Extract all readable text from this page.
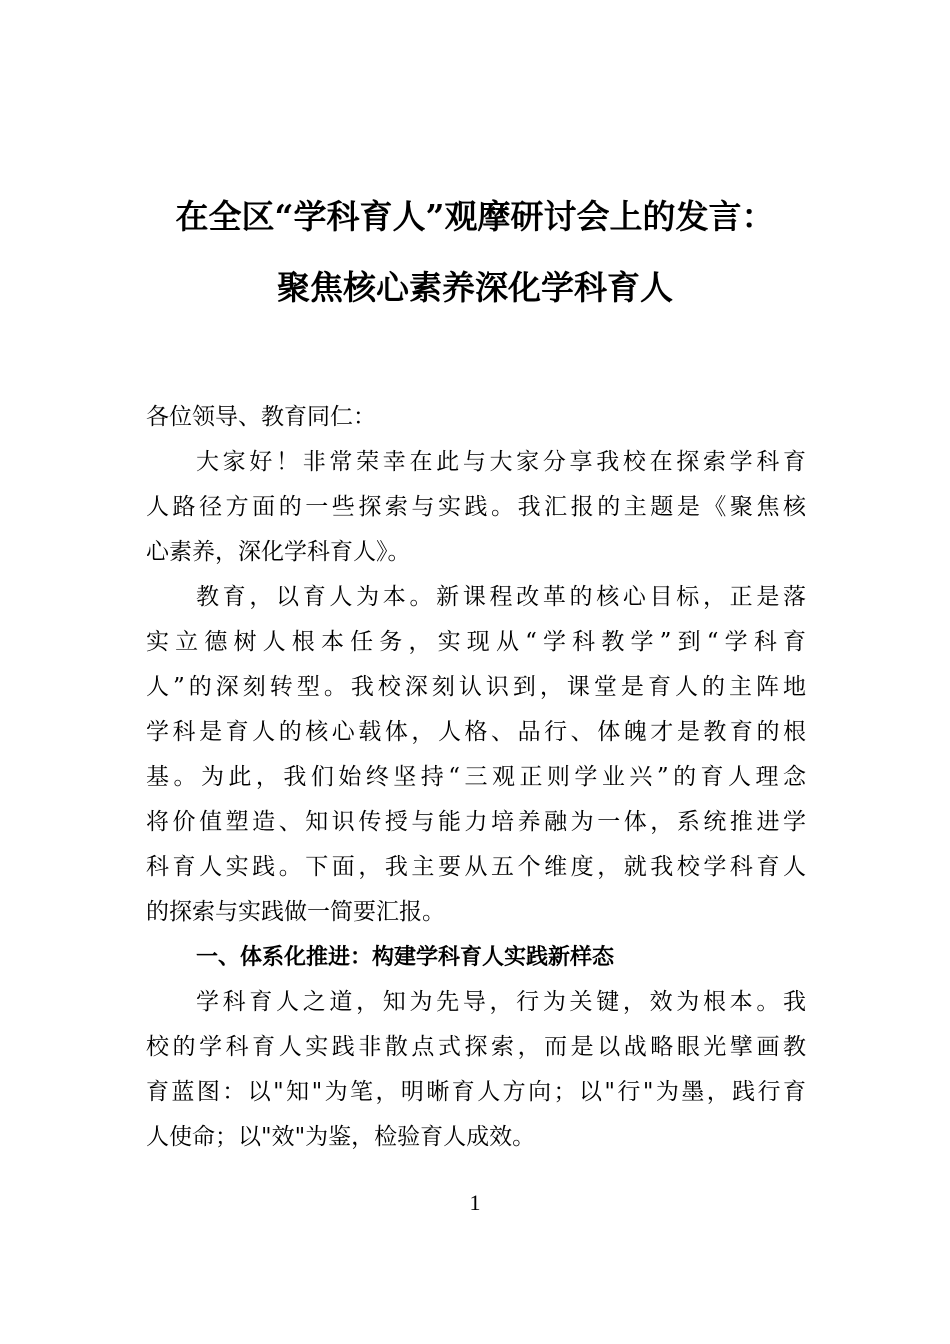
在全区“学科育人”观摩研讨会上的发言：
聚焦核心素养深化学科育人
各位领导、教育同仁：
大家好！非常荣幸在此与大家分享我校在探索学科育
人路径方面的一些探索与实践。我汇报的主题是《聚焦核
心素养，深化学科育人》。
教育，以育人为本。新课程改革的核心目标，正是落
实立德树人根本任务，实现从“学科教学”到“学科育
人”的深刻转型。我校深刻认识到，课堂是育人的主阵地
学科是育人的核心载体，人格、品行、体魄才是教育的根
基。为此，我们始终坚持“三观正则学业兴”的育人理念
将价值塑造、知识传授与能力培养融为一体，系统推进学
科育人实践。下面，我主要从五个维度，就我校学科育人
的探索与实践做一简要汇报。
一、体系化推进：构建学科育人实践新样态
学科育人之道，知为先导，行为关键，效为根本。我
校的学科育人实践非散点式探索，而是以战略眼光擘画教
育蓝图：以"知"为笔，明晰育人方向；以"行"为墨，践行育
人使命；以"效"为鉴，检验育人成效。
1
